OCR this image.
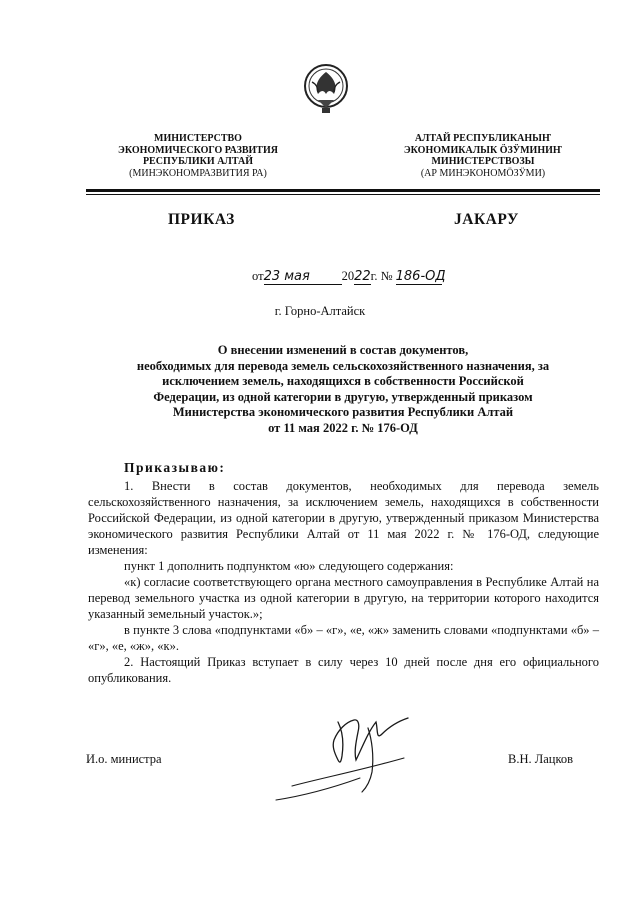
МИНИСТЕРСТВО
ЭКОНОМИЧЕСКОГО РАЗВИТИЯ
РЕСПУБЛИКИ АЛТАЙ
(МИНЭКОНОМРАЗВИТИЯ РА)
АЛТАЙ РЕСПУБЛИКАНЫҤ
ЭКОНОМИКАЛЫК ÖЗӰМИНИҤ
МИНИСТЕРСТВОЗЫ
(АР МИНЭКОНОМÖЗӰМИ)
ПРИКАЗ	JАКАРУ
от23 мая	2022г. № 186-ОД
г. Горно-Алтайск
О внесении изменений в состав документов,
необходимых для перевода земель сельскохозяйственного назначения, за
исключением земель, находящихся в собственности Российской
Федерации, из одной категории в другую, утвержденный приказом
Министерства экономического развития Республики Алтай
от 11 мая 2022 г. № 176-ОД
Приказываю:

1. Внести в состав документов, необходимых для перевода земель сельскохозяйственного назначения, за исключением земель, находящихся в собственности Российской Федерации, из одной категории в другую, утвержденный приказом Министерства экономического развития Республики Алтай от 11 мая 2022 г. № 176-ОД, следующие изменения:

пункт 1 дополнить подпунктом «ю» следующего содержания:

«к) согласие соответствующего органа местного самоуправления в Республике Алтай на перевод земельного участка из одной категории в другую, на территории которого находится указанный земельный участок.»;

в пункте 3 слова «подпунктами «б» – «г», «е, «ж» заменить словами «подпунктами «б» – «г», «е, «ж», «к».

2. Настоящий Приказ вступает в силу через 10 дней после дня его официального опубликования.

И.о. министра	В.Н. Лацков
